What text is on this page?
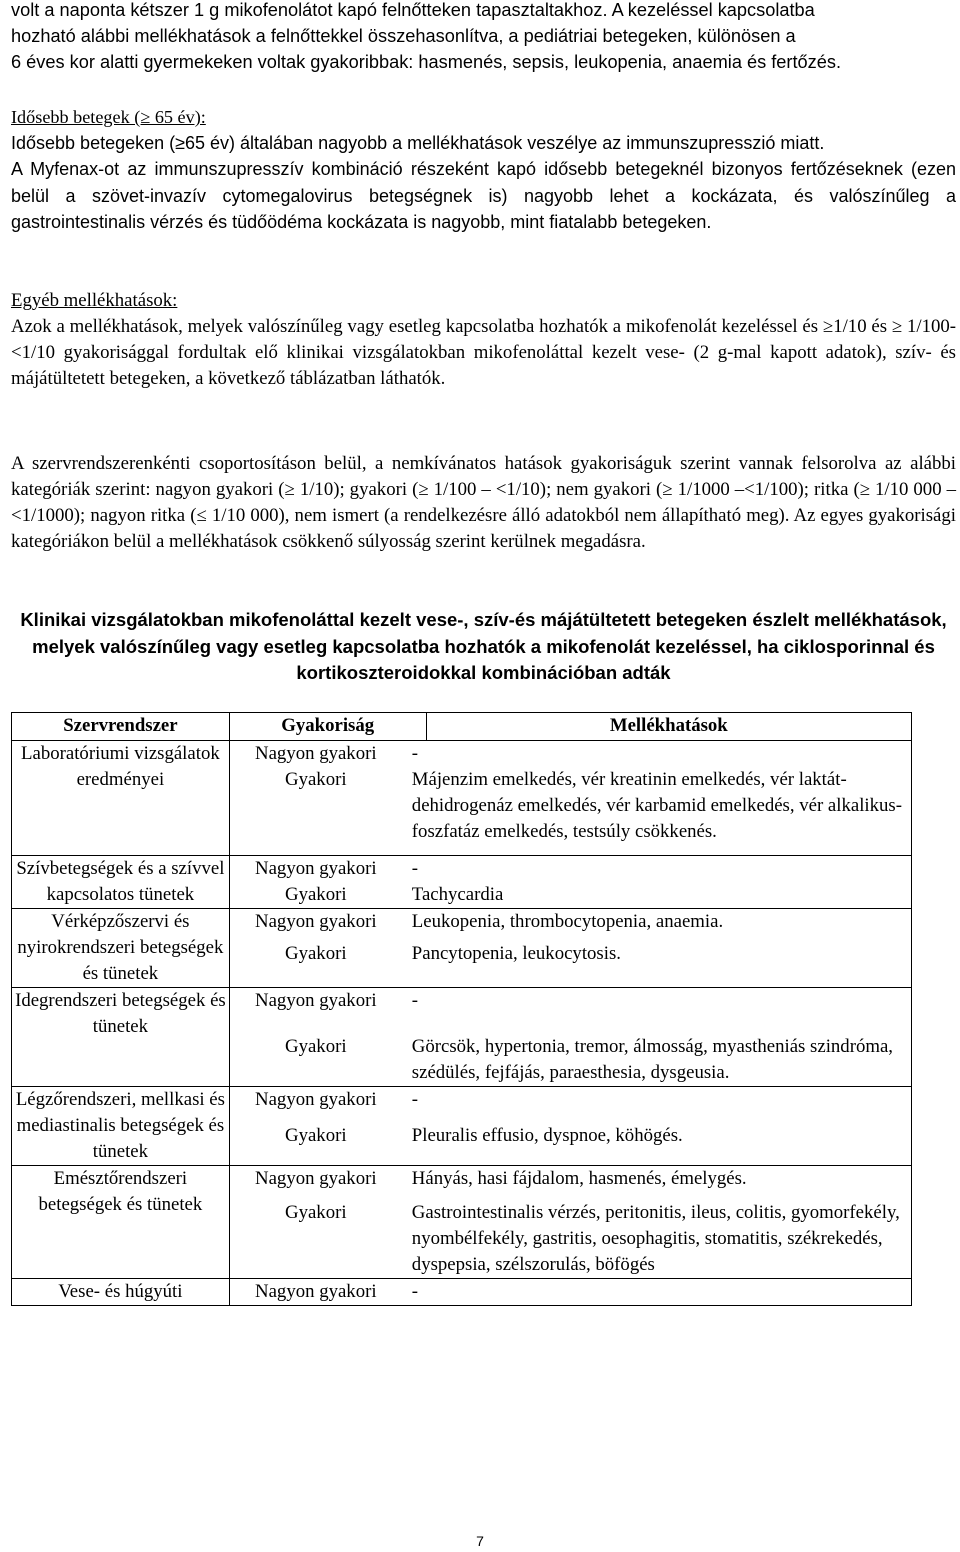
volt a naponta kétszer 1 g mikofenolátot kapó felnőtteken tapasztaltakhoz. A kezeléssel kapcsolatba
hozható alábbi mellékhatások a felnőttekkel összehasonlítva, a pediátriai betegeken, különösen a
6 éves kor alatti gyermekeken voltak gyakoribbak: hasmenés, sepsis, leukopenia, anaemia és fertőzés.
Idősebb betegek (≥ 65 év):
Idősebb betegeken (≥65 év) általában nagyobb a mellékhatások veszélye az immunszupresszió miatt.

A Myfenax-ot az immunszupresszív kombináció részeként kapó idősebb betegeknél bizonyos fertőzéseknek (ezen belül a szövet-invazív cytomegalovirus betegségnek is) nagyobb lehet a kockázata, és valószínűleg a gastrointestinalis vérzés és tüdőödéma kockázata is nagyobb, mint fiatalabb betegeken.

Egyéb mellékhatások:

Azok a mellékhatások, melyek valószínűleg vagy esetleg kapcsolatba hozhatók a mikofenolát kezeléssel és ≥1/10 és ≥ 1/100-<1/10 gyakorisággal fordultak elő klinikai vizsgálatokban mikofenoláttal kezelt vese- (2 g-mal kapott adatok), szív- és májátültetett betegeken, a következő táblázatban láthatók.

A szervrendszerenkénti csoportosításon belül, a nemkívánatos hatások gyakoriságuk szerint vannak felsorolva az alábbi kategóriák szerint: nagyon gyakori (≥ 1/10); gyakori (≥ 1/100 – <1/10); nem gyakori (≥ 1/1000 –<1/100); ritka (≥ 1/10 000 –<1/1000); nagyon ritka (≤ 1/10 000), nem ismert (a rendelkezésre álló adatokból nem állapítható meg). Az egyes gyakorisági kategóriákon belül a mellékhatások csökkenő súlyosság szerint kerülnek megadásra.

Klinikai vizsgálatokban mikofenoláttal kezelt vese-, szív-és májátültetett betegeken észlelt mellékhatások, melyek valószínűleg vagy esetleg kapcsolatba hozhatók a mikofenolát kezeléssel, ha ciklosporinnal és kortikoszteroidokkal kombinációban adták
Szervrendszer	Gyakoriság	Mellékhatások
Laboratóriumi vizsgálatok eredményei	Nagyon gyakori -
Gyakori Májenzim emelkedés, vér kreatinin emelkedés, vér laktát-dehidrogenáz emelkedés, vér karbamid emelkedés, vér alkalikus-foszfatáz emelkedés, testsúly csökkenés.	

Szívbetegségek és a szívvel kapcsolatos tünetek	Nagyon gyakori -
Gyakori Tachycardia	

Vérképzőszervi és nyirokrendszeri betegségek és tünetek	Nagyon gyakori Leukopenia, thrombocytopenia, anaemia.
Gyakori Pancytopenia, leukocytosis.	

Idegrendszeri betegségek és tünetek	Nagyon gyakori -
Gyakori Görcsök, hypertonia, tremor, álmosság, myastheniás szindróma, szédülés, fejfájás, paraesthesia, dysgeusia.	

Légzőrendszeri, mellkasi és mediastinalis betegségek és tünetek	Nagyon gyakori -
Gyakori Pleuralis effusio, dyspnoe, köhögés.	

Emésztőrendszeri betegségek és tünetek	Nagyon gyakori Hányás, hasi fájdalom, hasmenés, émelygés.
Gyakori Gastrointestinalis vérzés, peritonitis, ileus, colitis, gyomorfekély, nyombélfekély, gastritis, oesophagitis, stomatitis, székrekedés, dyspepsia, szélszorulás, böfögés	

Vese- és húgyúti	Nagyon gyakori -	
7
